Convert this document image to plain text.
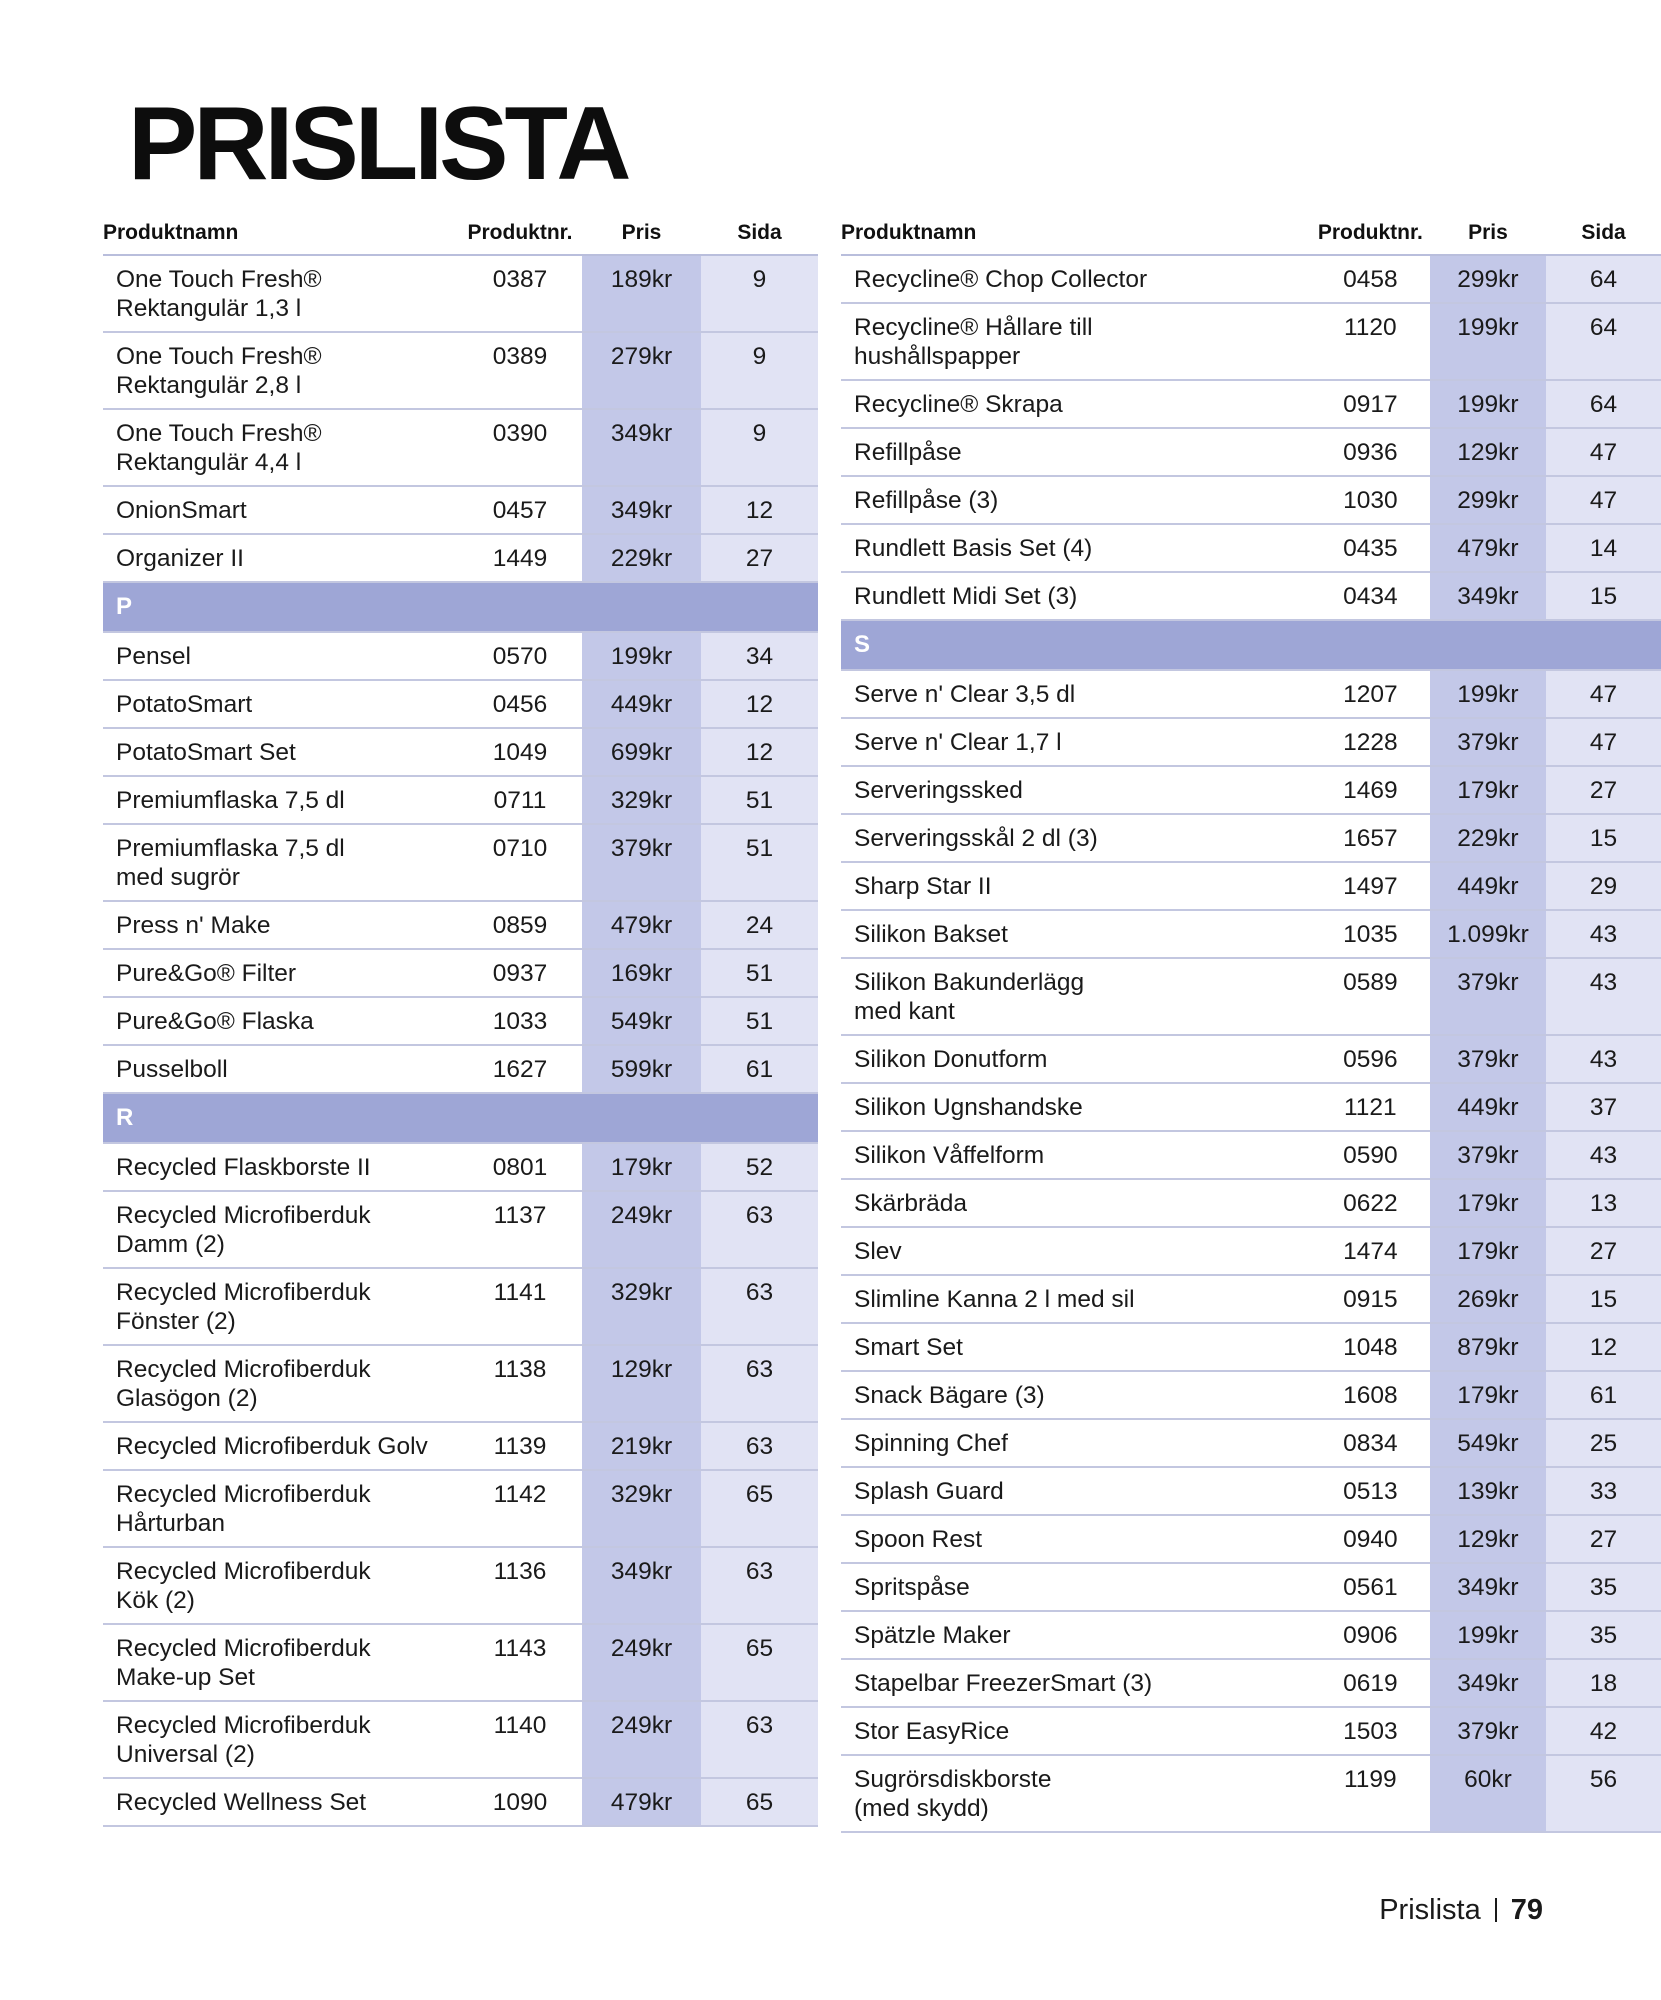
PRISLISTA
Produktnamn	Produktnr.	Pris	Sida
One Touch Fresh®
Rektangulär 1,3 l	0387	189kr	9
One Touch Fresh®
Rektangulär 2,8 l	0389	279kr	9
One Touch Fresh®
Rektangulär 4,4 l	0390	349kr	9
OnionSmart	0457	349kr	12
Organizer II	1449	229kr	27
P			
Pensel	0570	199kr	34
PotatoSmart	0456	449kr	12
PotatoSmart Set	1049	699kr	12
Premiumflaska 7,5 dl	0711	329kr	51
Premiumflaska 7,5 dl
med sugrör	0710	379kr	51
Press n' Make	0859	479kr	24
Pure&Go® Filter	0937	169kr	51
Pure&Go® Flaska	1033	549kr	51
Pusselboll	1627	599kr	61
R			
Recycled Flaskborste II	0801	179kr	52
Recycled Microfiberduk
Damm (2)	1137	249kr	63
Recycled Microfiberduk
Fönster (2)	1141	329kr	63
Recycled Microfiberduk
Glasögon (2)	1138	129kr	63
Recycled Microfiberduk Golv	1139	219kr	63
Recycled Microfiberduk
Hårturban	1142	329kr	65
Recycled Microfiberduk
Kök (2)	1136	349kr	63
Recycled Microfiberduk
Make-up Set	1143	249kr	65
Recycled Microfiberduk
Universal (2)	1140	249kr	63
Recycled Wellness Set	1090	479kr	65
Produktnamn	Produktnr.	Pris	Sida
Recycline® Chop Collector	0458	299kr	64
Recycline® Hållare till
hushållspapper	1120	199kr	64
Recycline® Skrapa	0917	199kr	64
Refillpåse	0936	129kr	47
Refillpåse (3)	1030	299kr	47
Rundlett Basis Set (4)	0435	479kr	14
Rundlett Midi Set (3)	0434	349kr	15
S			
Serve n' Clear 3,5 dl	1207	199kr	47
Serve n' Clear 1,7 l	1228	379kr	47
Serveringssked	1469	179kr	27
Serveringsskål 2 dl (3)	1657	229kr	15
Sharp Star II	1497	449kr	29
Silikon Bakset	1035	1.099kr	43
Silikon Bakunderlägg
med kant	0589	379kr	43
Silikon Donutform	0596	379kr	43
Silikon Ugnshandske	1121	449kr	37
Silikon Våffelform	0590	379kr	43
Skärbräda	0622	179kr	13
Slev	1474	179kr	27
Slimline Kanna 2 l med sil	0915	269kr	15
Smart Set	1048	879kr	12
Snack Bägare (3)	1608	179kr	61
Spinning Chef	0834	549kr	25
Splash Guard	0513	139kr	33
Spoon Rest	0940	129kr	27
Spritspåse	0561	349kr	35
Spätzle Maker	0906	199kr	35
Stapelbar FreezerSmart (3)	0619	349kr	18
Stor EasyRice	1503	379kr	42
Sugrörsdiskborste
(med skydd)	1199	60kr	56
Prislista 79
